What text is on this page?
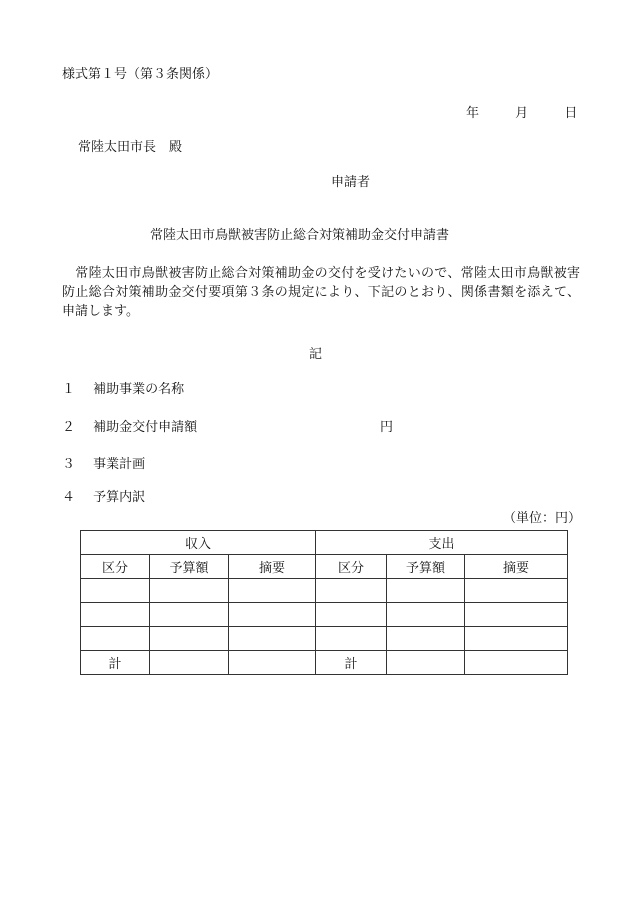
様式第１号（第３条関係）
年	月	日
常陸太田市長　殿
申請者
常陸太田市鳥獣被害防止総合対策補助金交付申請書
　常陸太田市鳥獣被害防止総合対策補助金の交付を受けたいので、常陸太田市鳥獣被害防止総合対策補助金交付要項第３条の規定により、下記のとおり、関係書類を添えて、申請します。
記
１ 補助事業の名称
２ 補助金交付申請額	円
３ 事業計画
４ 予算内訳
（単位：円）
収入			支出		
区分	予算額	摘要	区分	予算額	摘要

計			計		
